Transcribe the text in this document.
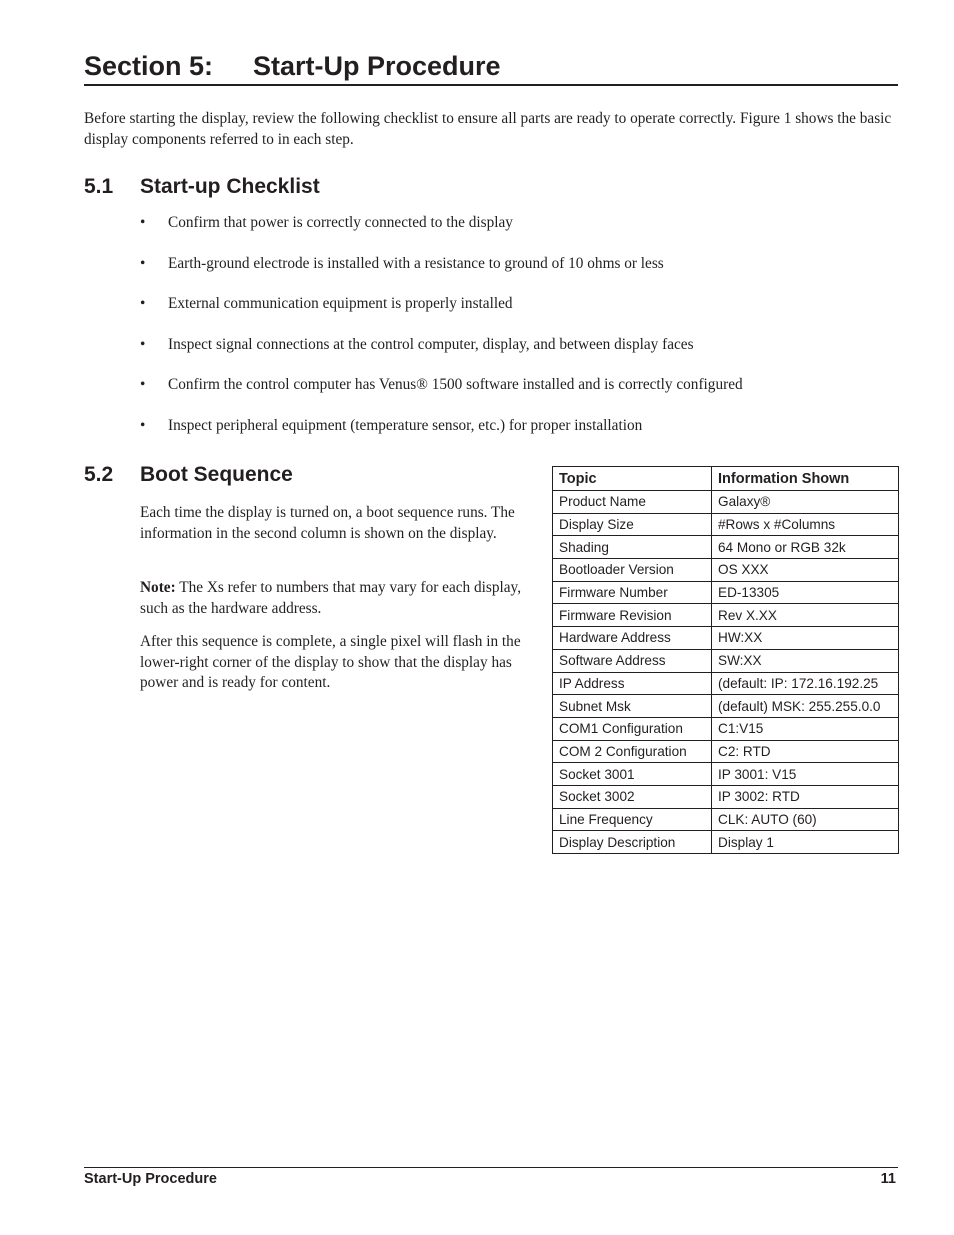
Section 5: Start-Up Procedure

Before starting the display, review the following checklist to ensure all parts are ready to operate correctly. Figure 1 shows the basic display components referred to in each step.

5.1 Start-up Checklist
• Confirm that power is correctly connected to the display
• Earth-ground electrode is installed with a resistance to ground of 10 ohms or less
• External communication equipment is properly installed
• Inspect signal connections at the control computer, display, and between display faces
• Confirm the control computer has Venus® 1500 software installed and is correctly configured
• Inspect peripheral equipment (temperature sensor, etc.) for proper installation
5.2 Boot Sequence

Each time the display is turned on, a boot sequence runs. The information in the second column is shown on the display.

Note: The Xs refer to numbers that may vary for each display, such as the hardware address.

After this sequence is complete, a single pixel will flash in the lower-right corner of the display to show that the display has power and is ready for content.

Topic	Information Shown
Product Name	Galaxy®
Display Size	#Rows x #Columns
Shading	64 Mono or RGB 32k
Bootloader Version	OS XXX
Firmware Number	ED-13305
Firmware Revision	Rev X.XX
Hardware Address	HW:XX
Software Address	SW:XX
IP Address	(default: IP: 172.16.192.25
Subnet Msk	(default) MSK: 255.255.0.0
COM1 Configuration	C1:V15
COM 2 Configuration	C2: RTD
Socket 3001	IP 3001: V15
Socket 3002	IP 3002: RTD
Line Frequency	CLK: AUTO (60)
Display Description	Display 1
Start-Up Procedure	11
